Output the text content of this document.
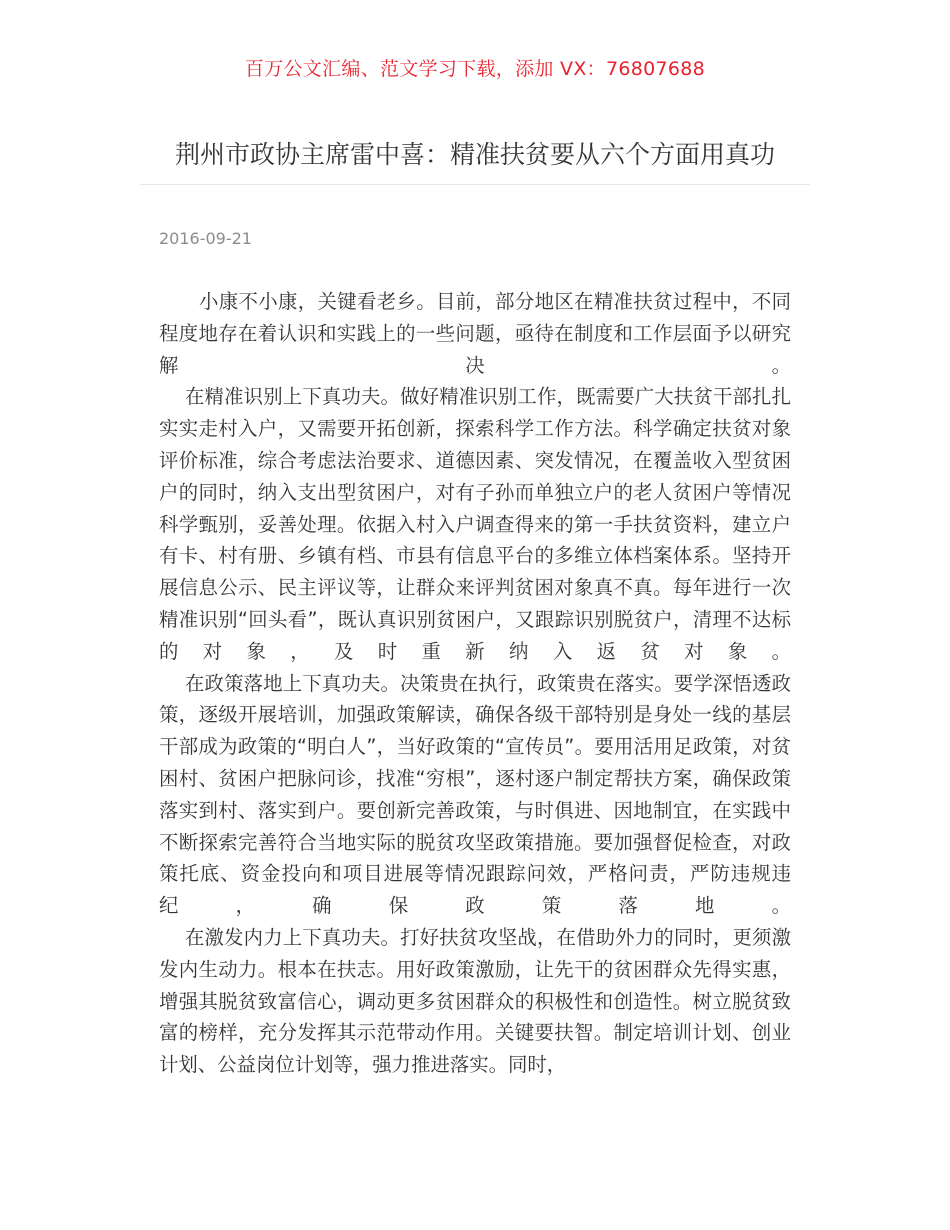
百万公文汇编、范文学习下载，添加 VX：76807688
荆州市政协主席雷中喜：精准扶贫要从六个方面用真功
2016-09-21

小康不小康，关键看老乡。目前，部分地区在精准扶贫过程中，不同程度地存在着认识和实践上的一些问题，亟待在制度和工作层面予以研究解决。

在精准识别上下真功夫。做好精准识别工作，既需要广大扶贫干部扎扎实实走村入户，又需要开拓创新，探索科学工作方法。科学确定扶贫对象评价标准，综合考虑法治要求、道德因素、突发情况，在覆盖收入型贫困户的同时，纳入支出型贫困户，对有子孙而单独立户的老人贫困户等情况科学甄别，妥善处理。依据入村入户调查得来的第一手扶贫资料，建立户有卡、村有册、乡镇有档、市县有信息平台的多维立体档案体系。坚持开展信息公示、民主评议等，让群众来评判贫困对象真不真。每年进行一次精准识别“回头看”，既认真识别贫困户，又跟踪识别脱贫户，清理不达标的对象，及时重新纳入返贫对象。

在政策落地上下真功夫。决策贵在执行，政策贵在落实。要学深悟透政策，逐级开展培训，加强政策解读，确保各级干部特别是身处一线的基层干部成为政策的“明白人”，当好政策的“宣传员”。要用活用足政策，对贫困村、贫困户把脉问诊，找准“穷根”，逐村逐户制定帮扶方案，确保政策落实到村、落实到户。要创新完善政策，与时俱进、因地制宜，在实践中不断探索完善符合当地实际的脱贫攻坚政策措施。要加强督促检查，对政策托底、资金投向和项目进展等情况跟踪问效，严格问责，严防违规违纪，确保政策落地。

在激发内力上下真功夫。打好扶贫攻坚战，在借助外力的同时，更须激发内生动力。根本在扶志。用好政策激励，让先干的贫困群众先得实惠，增强其脱贫致富信心，调动更多贫困群众的积极性和创造性。树立脱贫致富的榜样，充分发挥其示范带动作用。关键要扶智。制定培训计划、创业计划、公益岗位计划等，强力推进落实。同时，
